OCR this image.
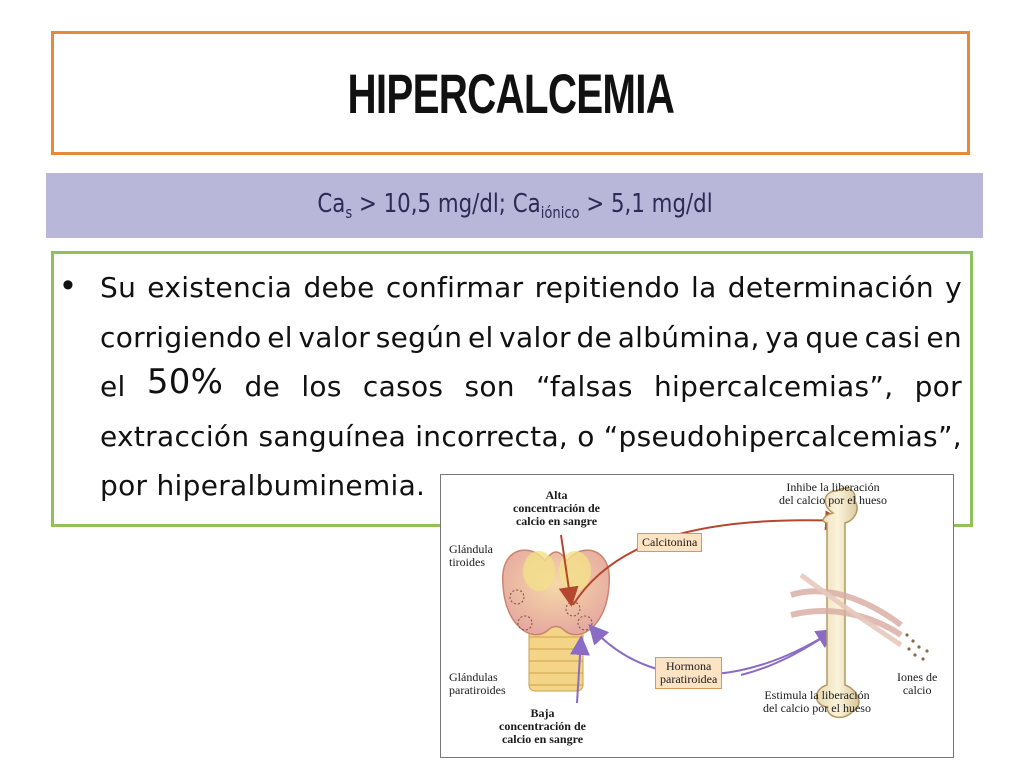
HIPERCALCEMIA
$Ca_s > 10,5$ mg/dl; $Ca_{iónico} > 5,1$ mg/dl
• Su existencia debe confirmar repitiendo la determinación y
corrigiendo el valor según el valor de albúmina, ya que casi en
el 50% de los casos son “falsas hipercalcemias”, por
extracción sanguínea incorrecta, o “pseudohipercalcemias”,
por hiperalbuminemia.	Alta
concentración de
calcio en sangre
Baja
concentración de
calcio en sangre
Glándula
tiroides
Glándulas
paratiroides
Calcitonina
Hormona
paratiroidea
Inhibe la liberación
del calcio por el hueso
Estimula la liberación
del calcio por el hueso
Iones de
calcio
